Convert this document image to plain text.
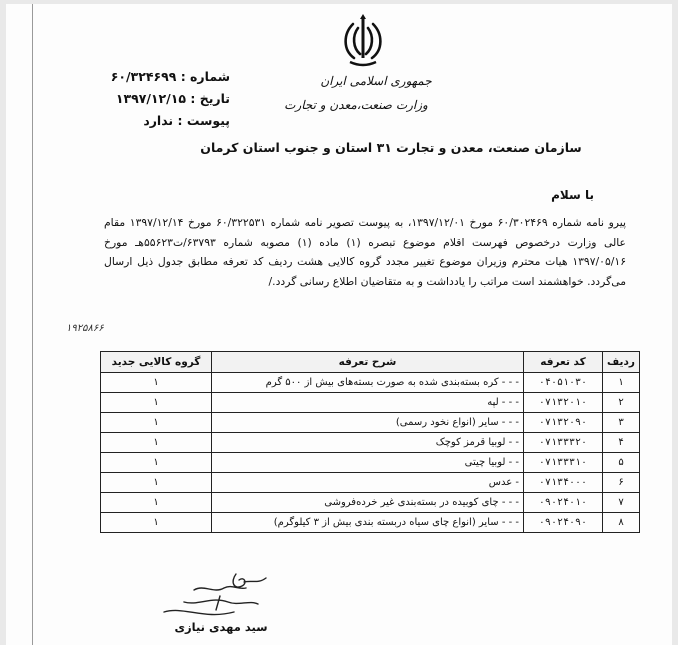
شماره : ۶۰/۳۲۴۶۹۹
تاریخ : ۱۳۹۷/۱۲/۱۵
پیوست : ندارد
جمهوری اسلامی ایران
وزارت صنعت،معدن و تجارت
سازمان صنعت، معدن و تجارت ۳۱ استان و جنوب استان کرمان
با سلام
پیرو نامه شماره ۶۰/۳۰۲۴۶۹ مورخ ۱۳۹۷/۱۲/۰۱، به پیوست تصویر نامه شماره ۶۰/۳۲۲۵۳۱ مورخ ۱۳۹۷/۱۲/۱۴ مقام عالی وزارت درخصوص فهرست اقلام موضوع تبصره (۱) ماده (۱) مصوبه شماره ۶۳۷۹۳/ت۵۵۶۲۳هـ مورخ ۱۳۹۷/۰۵/۱۶ هیات محترم وزیران موضوع تغییر مجدد گروه کالایی هشت ردیف کد تعرفه مطابق جدول ذیل ارسال می‌گردد. خواهشمند است مراتب را یادداشت و به متقاضیان اطلاع رسانی گردد./
۱۹۲۵۸۶۶
ردیف	کد تعرفه	شرح تعرفه	گروه کالایی جدید
۱	۰۴۰۵۱۰۳۰	- - - کره بسته‌بندی شده به صورت بسته‌های بیش از ۵۰۰ گرم	۱
۲	۰۷۱۳۲۰۱۰	- - - لپه	۱
۳	۰۷۱۳۲۰۹۰	- - - سایر (انواع نخود رسمی)	۱
۴	۰۷۱۳۳۳۲۰	- - لوبیا قرمز کوچک	۱
۵	۰۷۱۳۳۳۱۰	- - لوبیا چیتی	۱
۶	۰۷۱۳۴۰۰۰	- عدس	۱
۷	۰۹۰۲۴۰۱۰	- - - چای کوبیده در بسته‌بندی غیر خرده‌فروشی	۱
۸	۰۹۰۲۴۰۹۰	- - - سایر (انواع چای سیاه دربسته بندی بیش از ۳ کیلوگرم)	۱
سید مهدی نیازی
